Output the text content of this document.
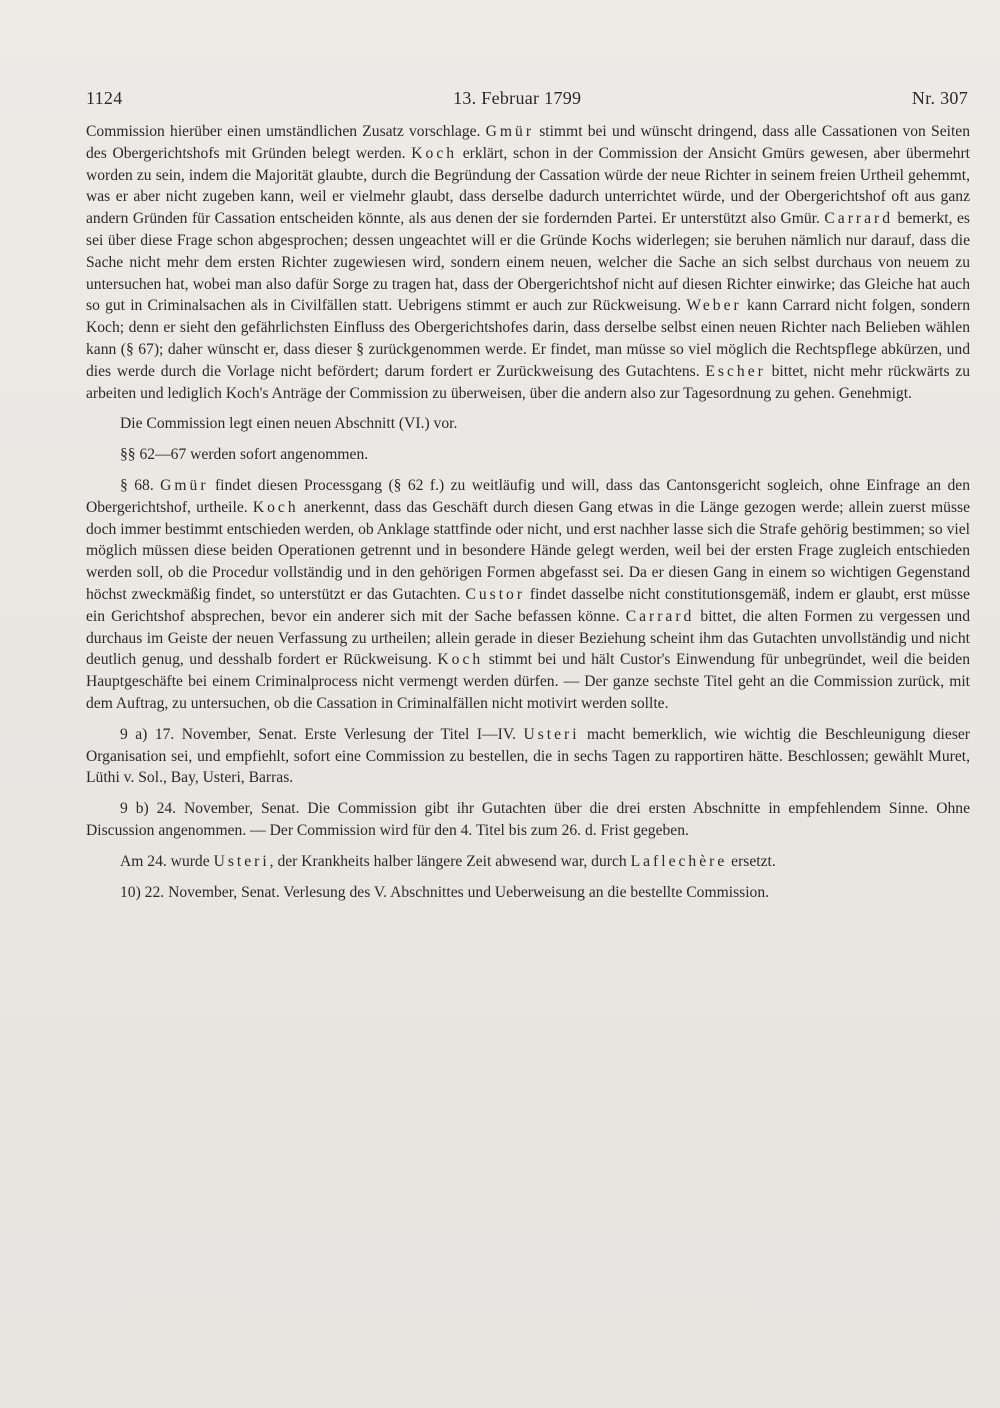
1124	13. Februar 1799	Nr. 307

Commission hierüber einen umständlichen Zusatz vorschlage. Gmür stimmt bei und wünscht dringend, dass alle Cassationen von Seiten des Obergerichtshofs mit Gründen belegt werden. Koch erklärt, schon in der Commission der Ansicht Gmürs gewesen, aber übermehrt worden zu sein, indem die Majorität glaubte, durch die Begründung der Cassation würde der neue Richter in seinem freien Urtheil gehemmt, was er aber nicht zugeben kann, weil er vielmehr glaubt, dass derselbe dadurch unterrichtet würde, und der Obergerichtshof oft aus ganz andern Gründen für Cassation entscheiden könnte, als aus denen der sie fordernden Partei. Er unterstützt also Gmür. Carrard bemerkt, es sei über diese Frage schon abgesprochen; dessen ungeachtet will er die Gründe Kochs widerlegen; sie beruhen nämlich nur darauf, dass die Sache nicht mehr dem ersten Richter zugewiesen wird, sondern einem neuen, welcher die Sache an sich selbst durchaus von neuem zu untersuchen hat, wobei man also dafür Sorge zu tragen hat, dass der Obergerichtshof nicht auf diesen Richter einwirke; das Gleiche hat auch so gut in Criminalsachen als in Civilfällen statt. Uebrigens stimmt er auch zur Rückweisung. Weber kann Carrard nicht folgen, sondern Koch; denn er sieht den gefährlichsten Einfluss des Obergerichtshofes darin, dass derselbe selbst einen neuen Richter nach Belieben wählen kann (§ 67); daher wünscht er, dass dieser § zurückgenommen werde. Er findet, man müsse so viel möglich die Rechtspflege abkürzen, und dies werde durch die Vorlage nicht befördert; darum fordert er Zurückweisung des Gutachtens. Escher bittet, nicht mehr rückwärts zu arbeiten und lediglich Koch's Anträge der Commission zu überweisen, über die andern also zur Tagesordnung zu gehen. Genehmigt.

Die Commission legt einen neuen Abschnitt (VI.) vor.

§§ 62—67 werden sofort angenommen.

§ 68. Gmür findet diesen Processgang (§ 62 f.) zu weitläufig und will, dass das Cantonsgericht sogleich, ohne Einfrage an den Obergerichtshof, urtheile. Koch anerkennt, dass das Geschäft durch diesen Gang etwas in die Länge gezogen werde; allein zuerst müsse doch immer bestimmt entschieden werden, ob Anklage stattfinde oder nicht, und erst nachher lasse sich die Strafe gehörig bestimmen; so viel möglich müssen diese beiden Operationen getrennt und in besondere Hände gelegt werden, weil bei der ersten Frage zugleich entschieden werden soll, ob die Procedur vollständig und in den gehörigen Formen abgefasst sei. Da er diesen Gang in einem so wichtigen Gegenstand höchst zweckmäßig findet, so unterstützt er das Gutachten. Custor findet dasselbe nicht constitutionsgemäß, indem er glaubt, erst müsse ein Gerichtshof absprechen, bevor ein anderer sich mit der Sache befassen könne. Carrard bittet, die alten Formen zu vergessen und durchaus im Geiste der neuen Verfassung zu urtheilen; allein gerade in dieser Beziehung scheint ihm das Gutachten unvollständig und nicht deutlich genug, und desshalb fordert er Rückweisung. Koch stimmt bei und hält Custor's Einwendung für unbegründet, weil die beiden Hauptgeschäfte bei einem Criminalprocess nicht vermengt werden dürfen. — Der ganze sechste Titel geht an die Commission zurück, mit dem Auftrag, zu untersuchen, ob die Cassation in Criminalfällen nicht motivirt werden sollte.

9 a) 17. November, Senat. Erste Verlesung der Titel I—IV. Usteri macht bemerklich, wie wichtig die Beschleunigung dieser Organisation sei, und empfiehlt, sofort eine Commission zu bestellen, die in sechs Tagen zu rapportiren hätte. Beschlossen; gewählt Muret, Lüthi v. Sol., Bay, Usteri, Barras.

9 b) 24. November, Senat. Die Commission gibt ihr Gutachten über die drei ersten Abschnitte in empfehlendem Sinne. Ohne Discussion angenommen. — Der Commission wird für den 4. Titel bis zum 26. d. Frist gegeben.

Am 24. wurde Usteri, der Krankheits halber längere Zeit abwesend war, durch Laflechère ersetzt.

10) 22. November, Senat. Verlesung des V. Abschnittes und Ueberweisung an die bestellte Commission.
